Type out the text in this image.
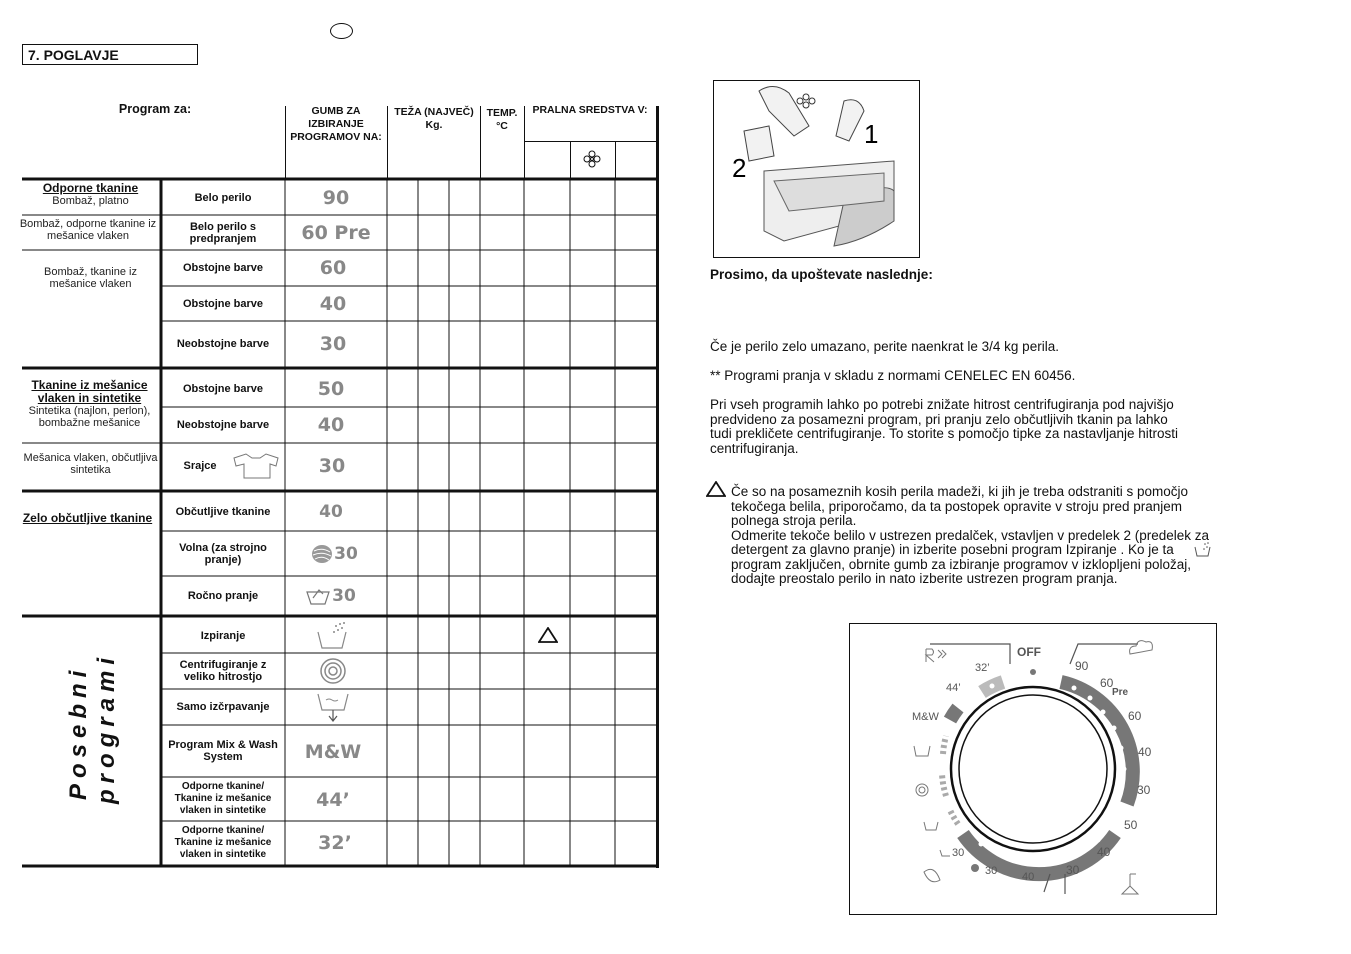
7. POGLAVJE
Program za:	GUMB ZA IZBIRANJE PROGRAMOV NA:
TEŽA (NAJVEČ) Kg.
TEMP. °C
PRALNA SREDSTVA V:
Odporne tkanine
Bombaž, platno
Bombaž, odporne tkanine iz mešanice vlaken
Bombaž, tkanine iz mešanice vlaken
Tkanine iz mešanice vlaken in sintetike
Sintetika (najlon, perlon), bombažne mešanice
Mešanica vlaken, občutljiva sintetika
Zelo občutljive tkanine
Posebni programi
Belo perilo
Belo perilo s predpranjem
Obstojne barve
Obstojne barve
Neobstojne barve
Obstojne barve
Neobstojne barve
Srajce
Občutljive tkanine
Volna (za strojno pranje)
Ročno pranje
Izpiranje
Centrifugiranje z veliko hitrostjo
Samo izčrpavanje
Program Mix & Wash System
Odporne tkanine/ Tkanine iz mešanice vlaken in sintetike
Odporne tkanine/ Tkanine iz mešanice vlaken in sintetike
90
60 Pre
60
40
30
50
40
30
40
30
30
M&W
44’
32’
1
2
Prosimo, da upoštevate naslednje:
Če je perilo zelo umazano, perite naenkrat le 3/4 kg perila.
** Programi pranja v skladu z normami CENELEC EN 60456.
Pri vseh programih lahko po potrebi znižate hitrost centrifugiranja pod najvišjo
predvideno za posamezni program, pri pranju zelo občutljivih tkanin pa lahko
tudi prekličete centrifugiranje. To storite s pomočjo tipke za nastavljanje hitrosti
centrifugiranja.
Če so na posameznih kosih perila madeži, ki jih je treba odstraniti s pomočjo
tekočega belila, priporočamo, da ta postopek opravite v stroju pred pranjem
polnega stroja perila.
Odmerite tekoče belilo v ustrezen predalček, vstavljen v predelek 2 (predelek za
detergent za glavno pranje) in izberite posebni program Izpiranje . Ko je ta
program zaključen, obrnite gumb za izbiranje programov v izklopljeni položaj,
dodajte preostalo perilo in nato izberite ustrezen program pranja.
OFF
90
60
Pre
60
40
30
50
40
30
32’
44’
M&W
30
30 40
